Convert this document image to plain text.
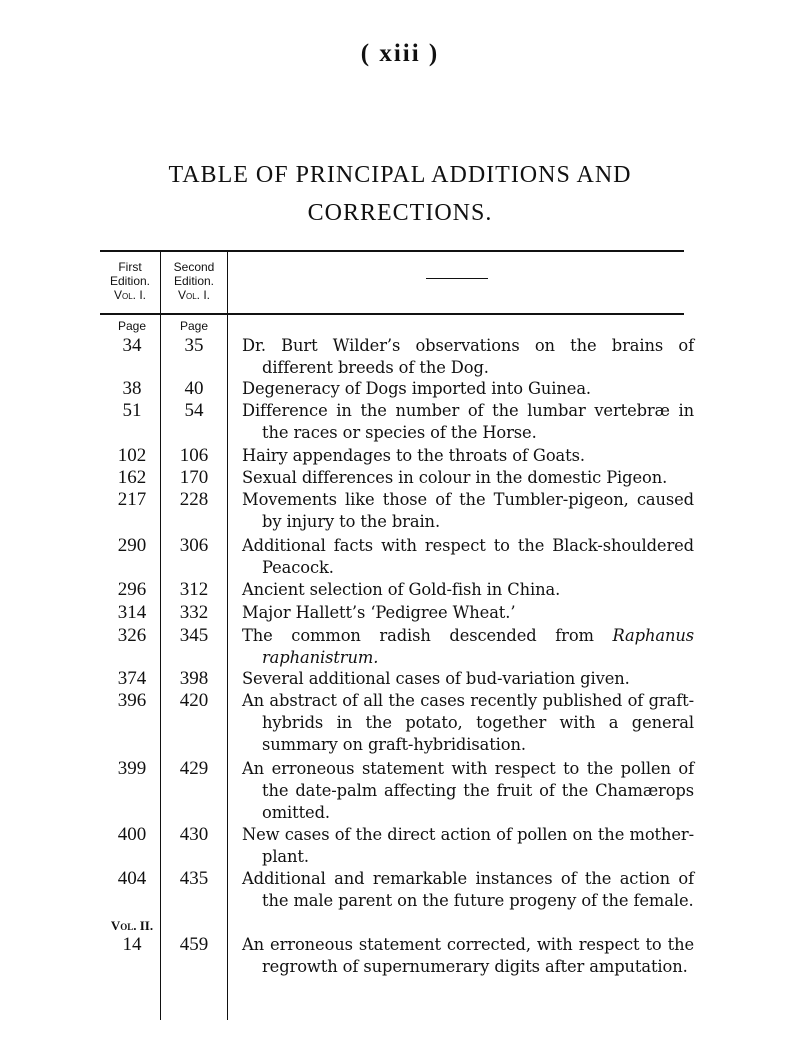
( xiii )
TABLE OF PRINCIPAL ADDITIONS AND
CORRECTIONS.
First
Edition.
Vol. I.
Second
Edition.
Vol. I.
Page	Page
34	35	Dr. Burt Wilder’s observations on the brains of different breeds of the Dog.
38	40	Degeneracy of Dogs imported into Guinea.
51	54	Difference in the number of the lumbar vertebræ in the races or species of the Horse.
102	106	Hairy appendages to the throats of Goats.
162	170	Sexual differences in colour in the domestic Pigeon.
217	228	Movements like those of the Tumbler-pigeon, caused by injury to the brain.
290	306	Additional facts with respect to the Black-shouldered Peacock.
296	312	Ancient selection of Gold-fish in China.
314	332	Major Hallett’s ‘Pedigree Wheat.’
326	345	The common radish descended from Raphanus raphanistrum.
374	398	Several additional cases of bud-variation given.
396	420	An abstract of all the cases recently published of graft-hybrids in the potato, together with a general summary on graft-hybridisation.
399	429	An erroneous statement with respect to the pollen of the date-palm affecting the fruit of the Chamærops omitted.
400	430	New cases of the direct action of pollen on the mother-plant.
404	435	Additional and remarkable instances of the action of the male parent on the future progeny of the female.
Vol. II.
14	459	An erroneous statement corrected, with respect to the regrowth of supernumerary digits after amputation.
